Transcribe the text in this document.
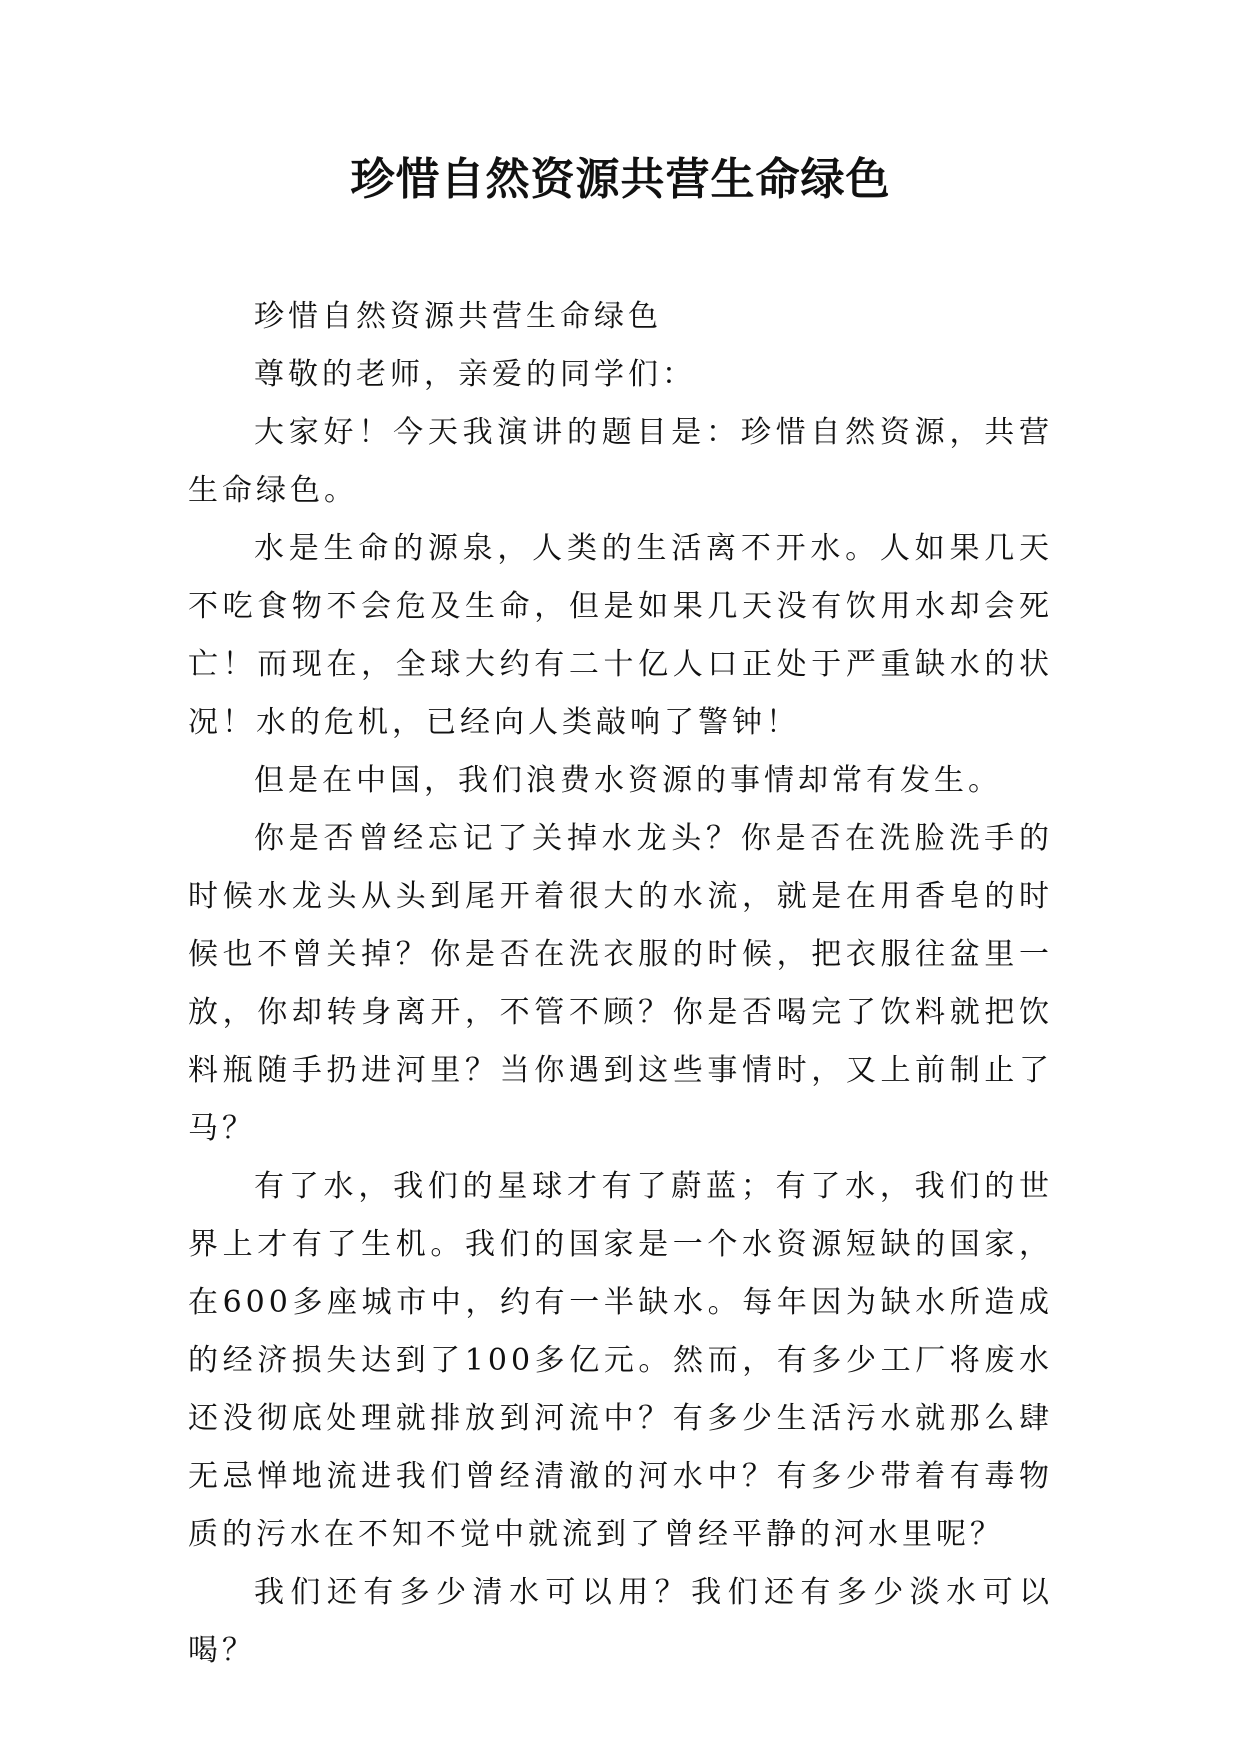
珍惜自然资源共营生命绿色

珍惜自然资源共营生命绿色

尊敬的老师，亲爱的同学们：

大家好！今天我演讲的题目是：珍惜自然资源，共营生命绿色。

水是生命的源泉，人类的生活离不开水。人如果几天不吃食物不会危及生命，但是如果几天没有饮用水却会死亡！而现在，全球大约有二十亿人口正处于严重缺水的状况！水的危机，已经向人类敲响了警钟！

但是在中国，我们浪费水资源的事情却常有发生。

你是否曾经忘记了关掉水龙头？你是否在洗脸洗手的时候水龙头从头到尾开着很大的水流，就是在用香皂的时候也不曾关掉？你是否在洗衣服的时候，把衣服往盆里一放，你却转身离开，不管不顾？你是否喝完了饮料就把饮料瓶随手扔进河里？当你遇到这些事情时，又上前制止了马？

有了水，我们的星球才有了蔚蓝；有了水，我们的世界上才有了生机。我们的国家是一个水资源短缺的国家，在600多座城市中，约有一半缺水。每年因为缺水所造成的经济损失达到了100多亿元。然而，有多少工厂将废水还没彻底处理就排放到河流中？有多少生活污水就那么肆无忌惮地流进我们曾经清澈的河水中？有多少带着有毒物质的污水在不知不觉中就流到了曾经平静的河水里呢？

我们还有多少清水可以用？我们还有多少淡水可以喝？
